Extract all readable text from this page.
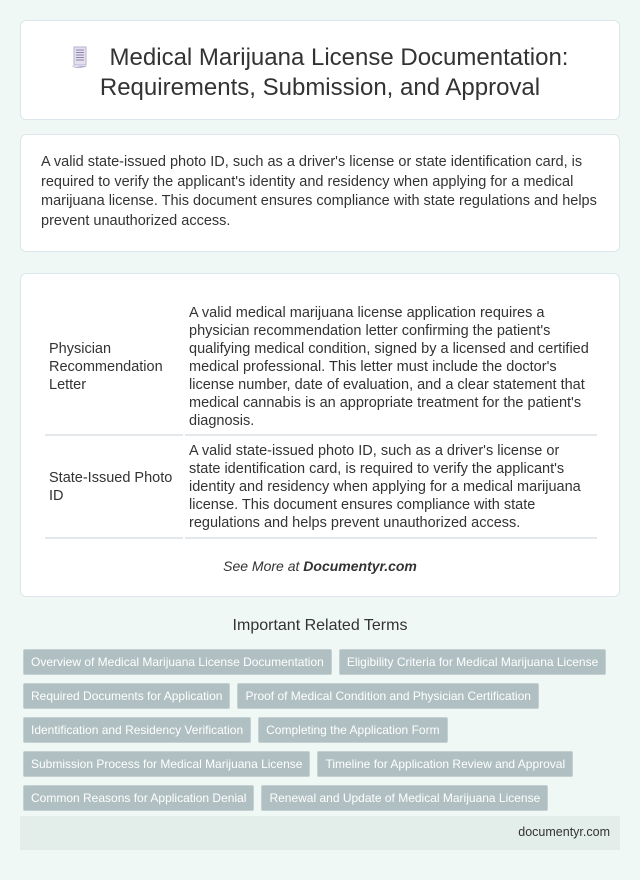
Medical Marijuana License Documentation:
Requirements, Submission, and Approval
A valid state-issued photo ID, such as a driver's license or state identification card, is required to verify the applicant's identity and residency when applying for a medical marijuana license. This document ensures compliance with state regulations and helps prevent unauthorized access.
Physician Recommendation Letter	A valid medical marijuana license application requires a physician recommendation letter confirming the patient's qualifying medical condition, signed by a licensed and certified medical professional. This letter must include the doctor's license number, date of evaluation, and a clear statement that medical cannabis is an appropriate treatment for the patient's diagnosis.
State-Issued Photo ID	A valid state-issued photo ID, such as a driver's license or state identification card, is required to verify the applicant's identity and residency when applying for a medical marijuana license. This document ensures compliance with state regulations and helps prevent unauthorized access.
See More at Documentyr.com
Important Related Terms
Overview of Medical Marijuana License Documentation	Eligibility Criteria for Medical Marijuana License
Required Documents for Application	Proof of Medical Condition and Physician Certification
Identification and Residency Verification	Completing the Application Form
Submission Process for Medical Marijuana License	Timeline for Application Review and Approval
Common Reasons for Application Denial	Renewal and Update of Medical Marijuana License
documentyr.com
